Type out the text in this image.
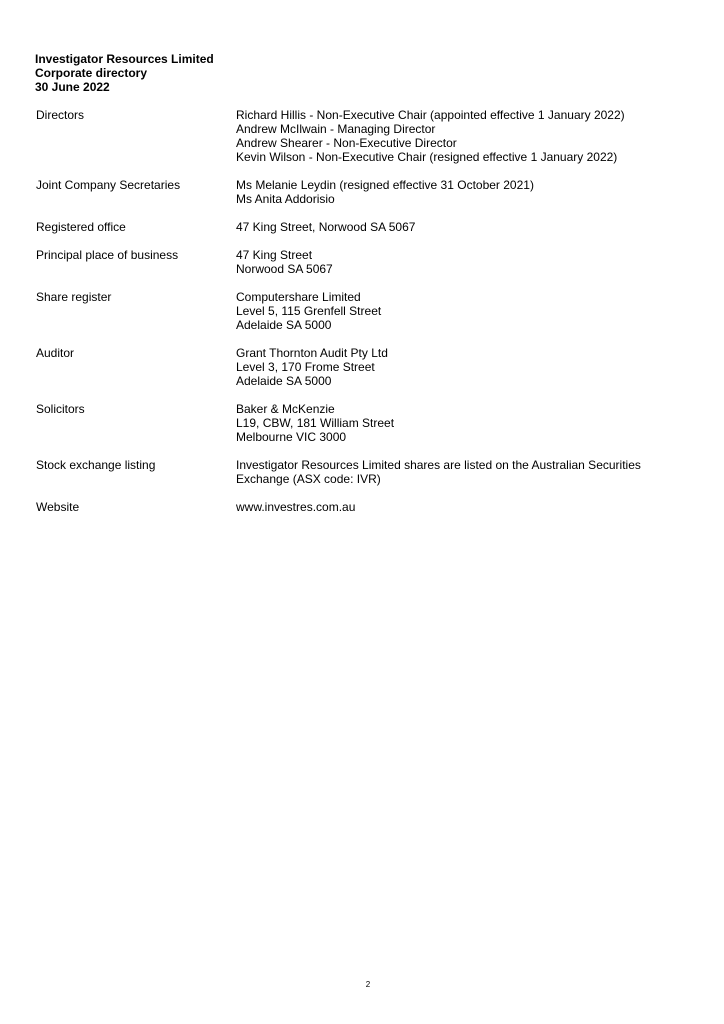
Investigator Resources Limited
Corporate directory
30 June 2022
Directors	Richard Hillis - Non-Executive Chair (appointed effective 1 January 2022)
Andrew McIlwain - Managing Director
Andrew Shearer - Non-Executive Director
Kevin Wilson - Non-Executive Chair (resigned effective 1 January 2022)
Joint Company Secretaries	Ms Melanie Leydin (resigned effective 31 October 2021)
Ms Anita Addorisio
Registered office	47 King Street, Norwood SA 5067
Principal place of business	47 King Street
Norwood SA 5067
Share register	Computershare Limited
Level 5, 115 Grenfell Street
Adelaide SA 5000
Auditor	Grant Thornton Audit Pty Ltd
Level 3, 170 Frome Street
Adelaide SA 5000
Solicitors	Baker & McKenzie
L19, CBW, 181 William Street
Melbourne VIC 3000
Stock exchange listing	Investigator Resources Limited shares are listed on the Australian Securities
Exchange (ASX code: IVR)
Website	www.investres.com.au
2
